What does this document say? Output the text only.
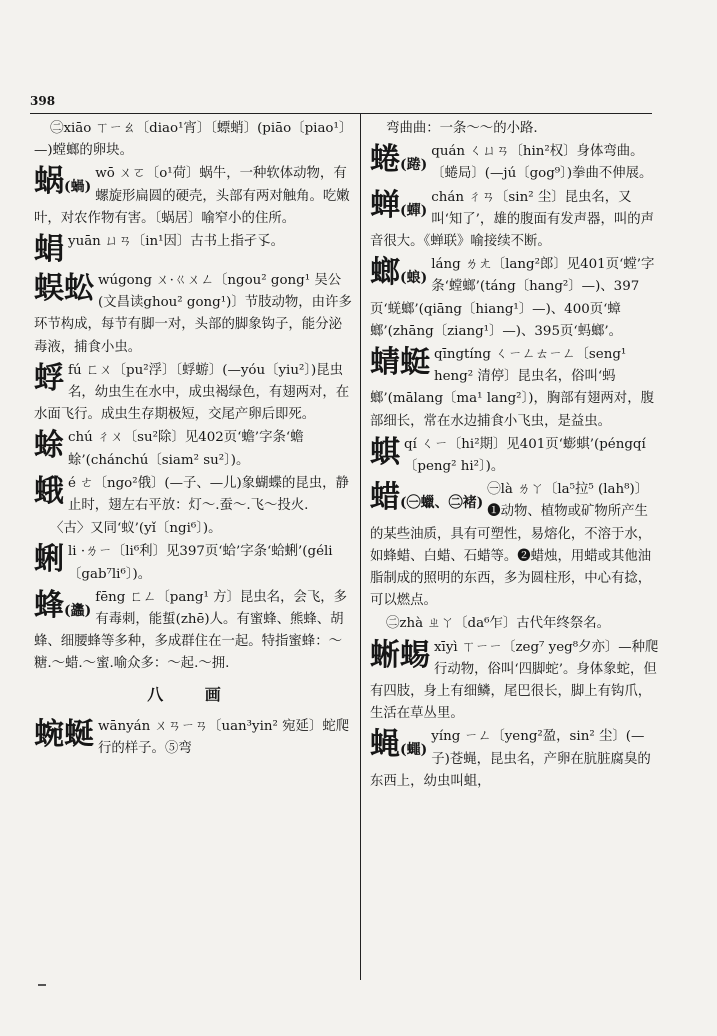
398
㊁xiāo ㄒㄧㄠ〔diao¹宵〕〔螵蛸〕(piāo〔piao¹〕—)螳螂的卵块。
蜗(蝸)
wō ㄨㄛ〔o¹荷〕蜗牛，一种软体动物，有螺旋形扁圆的硬壳，头部有两对触角。吃嫩叶，对农作物有害。〔蜗居〕喻窄小的住所。
蜎yuān ㄩㄢ〔in¹因〕古书上指孑孓。
蜈蚣 wúgong ㄨ·ㄍㄨㄥ〔ngou² gong¹ 吴公(文昌读ghou² gong¹)〕节肢动物，由许多环节构成，每节有脚一对，头部的脚象钩子，能分泌毒液，捕食小虫。
蜉fú ㄈㄨ〔pu²浮〕〔蜉蝣〕(—yóu〔yiu²〕)昆虫名，幼虫生在水中，成虫褐绿色，有翅两对，在水面飞行。成虫生存期极短，交尾产卵后即死。
蜍chú ㄔㄨ〔su²除〕见402页‘蟾’字条‘蟾蜍’(chánchú〔siam² su²〕)。
蛾é ㄜ〔ngo²俄〕(—子、—儿)象蝴蝶的昆虫，静止时，翅左右平放：灯～.蚕～.飞～投火.
〈古〉又同‘蚁’(yǐ〔ngi⁶〕)。
蜊li ·ㄌㄧ〔li⁶利〕见397页‘蛤’字条‘蛤蜊’(géli〔gab⁷li⁶〕)。
蜂(蠭)
fēng ㄈㄥ〔pang¹ 方〕昆虫名，会飞，多有毒刺，能蜇(zhē)人。有蜜蜂、熊蜂、胡蜂、细腰蜂等多种，多成群住在一起。特指蜜蜂：～糖.～蜡.～蜜.喻众多：～起.～拥.
八 画
蜿蜒 wānyán ㄨㄢㄧㄢ〔uan³yin² 宛延〕蛇爬行的样子。⑤弯
弯曲曲：一条～～的小路.
蜷(踡)
quán ㄑㄩㄢ〔hin²权〕身体弯曲。〔蜷局〕(—jú〔gog⁹〕)拳曲不伸展。
蝉(蟬)
chán ㄔㄢ〔sin² 尘〕昆虫名，又叫‘知了’，雄的腹面有发声器，叫的声音很大。《蝉联》喻接续不断。
螂(蜋)
láng ㄌㄤ〔lang²郎〕见401页‘螳’字条‘螳螂’(táng〔hang²〕—)、397页‘蜣螂’(qiāng〔hiang¹〕—)、400页‘蟑螂’(zhāng〔ziang¹〕—)、395页‘蚂螂’。
蜻蜓 qīngtíng ㄑㄧㄥㄊㄧㄥ〔seng¹ heng² 清停〕昆虫名，俗叫‘蚂螂’(mālang〔ma¹ lang²〕)，胸部有翅两对，腹部细长，常在水边捕食小飞虫，是益虫。
蜞qí ㄑㄧ〔hi²期〕见401页‘蟛蜞’(péngqí〔peng² hi²〕)。
蜡(㊀蠟、㊁褚)
㊀là ㄌㄚ〔la⁵拉⁵ (lah⁸)〕❶动物、植物或矿物所产生的某些油质，具有可塑性，易熔化，不溶于水，如蜂蜡、白蜡、石蜡等。❷蜡烛，用蜡或其他油脂制成的照明的东西，多为圆柱形，中心有捻，可以燃点。
㊁zhà ㄓㄚ〔da⁶乍〕古代年终祭名。
蜥蜴 xīyì ㄒㄧㄧ〔zeg⁷ yeg⁸夕亦〕—种爬行动物，俗叫‘四脚蛇’。身体象蛇，但有四肢，身上有细鳞，尾巴很长，脚上有钩爪，生活在草丛里。
蝇(蠅)
yíng ㄧㄥ〔yeng²盈，sin² 尘〕(—子)苍蝇，昆虫名，产卵在肮脏腐臭的东西上，幼虫叫蛆，
